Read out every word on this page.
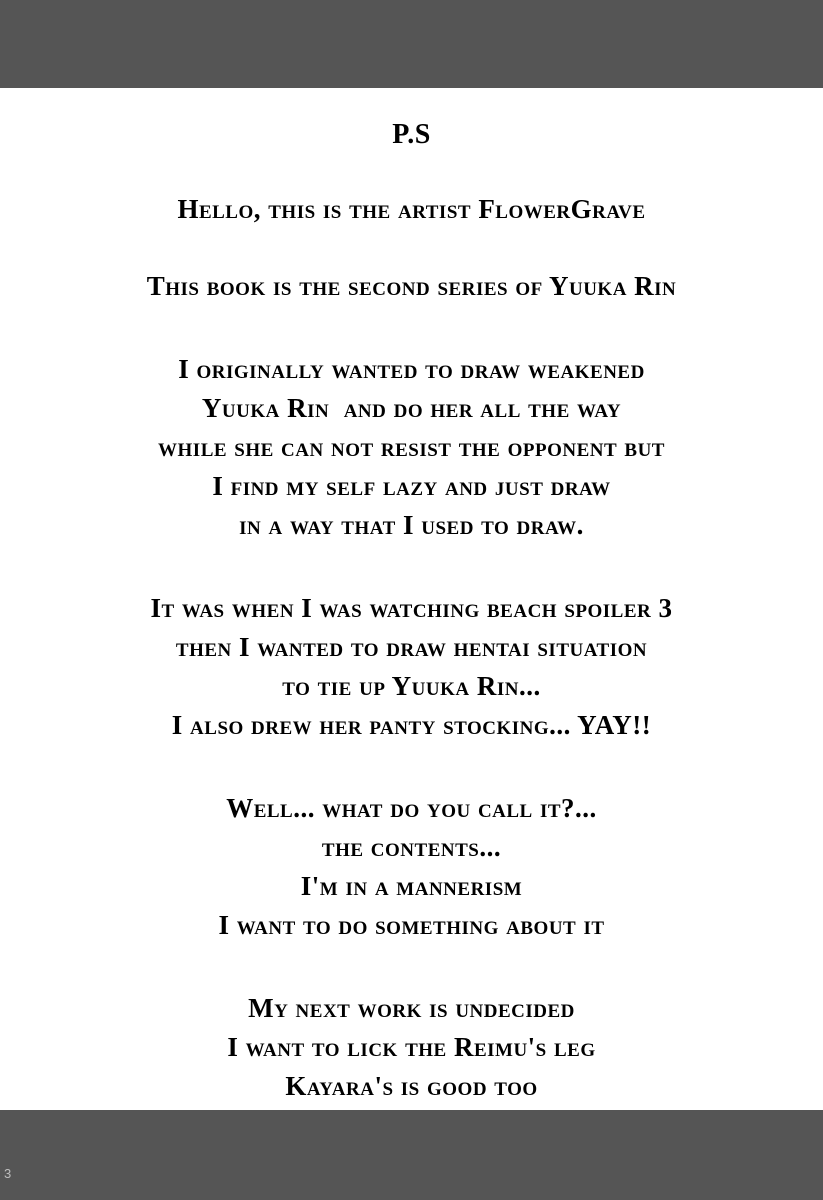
P.S
Hello, this is the artist FlowerGrave
This book is the second series of Yuuka Rin
I originally wanted to draw weakened
Yuuka Rin  and do her all the way
while she can not resist the opponent but
I find my self lazy and just draw
in a way that I used to draw.
It was when I was watching beach spoiler 3
then I wanted to draw hentai situation
to tie up Yuuka Rin...
I also drew her panty stocking... YAY!!
Well... what do you call it?...
the contents...
I'm in a mannerism
I want to do something about it
My next work is undecided
I want to lick the Reimu's leg
Kayara's is good too
3
